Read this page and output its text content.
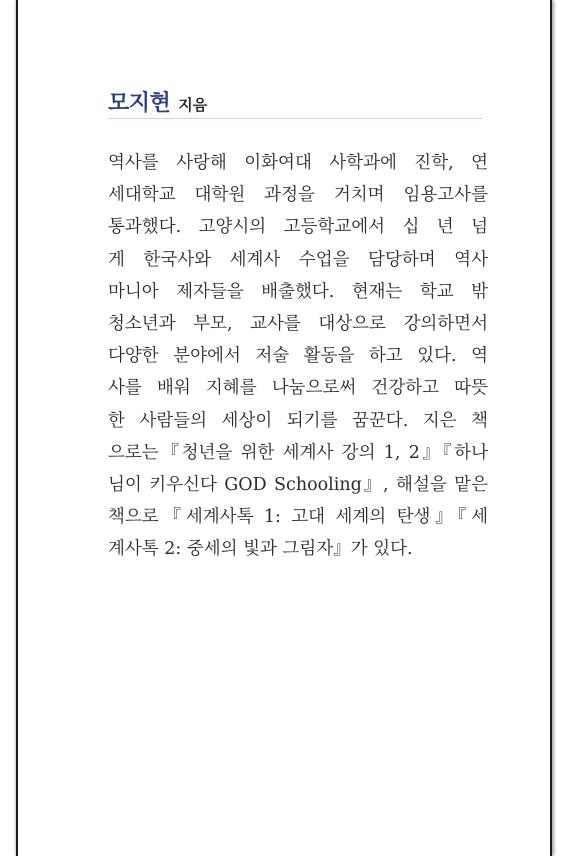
모지현 지음

역사를 사랑해 이화여대 사학과에 진학, 연
세대학교 대학원 과정을 거치며 임용고사를
통과했다. 고양시의 고등학교에서 십 년 넘
게 한국사와 세계사 수업을 담당하며 역사
마니아 제자들을 배출했다. 현재는 학교 밖
청소년과 부모, 교사를 대상으로 강의하면서
다양한 분야에서 저술 활동을 하고 있다. 역
사를 배워 지혜를 나눔으로써 건강하고 따뜻
한 사람들의 세상이 되기를 꿈꾼다. 지은 책
으로는『청년을 위한 세계사 강의 1, 2』『하나
님이 키우신다 GOD Schooling』, 해설을 맡은
책으로『세계사톡 1: 고대 세계의 탄생』『세
계사톡 2: 중세의 빛과 그림자』가 있다.
